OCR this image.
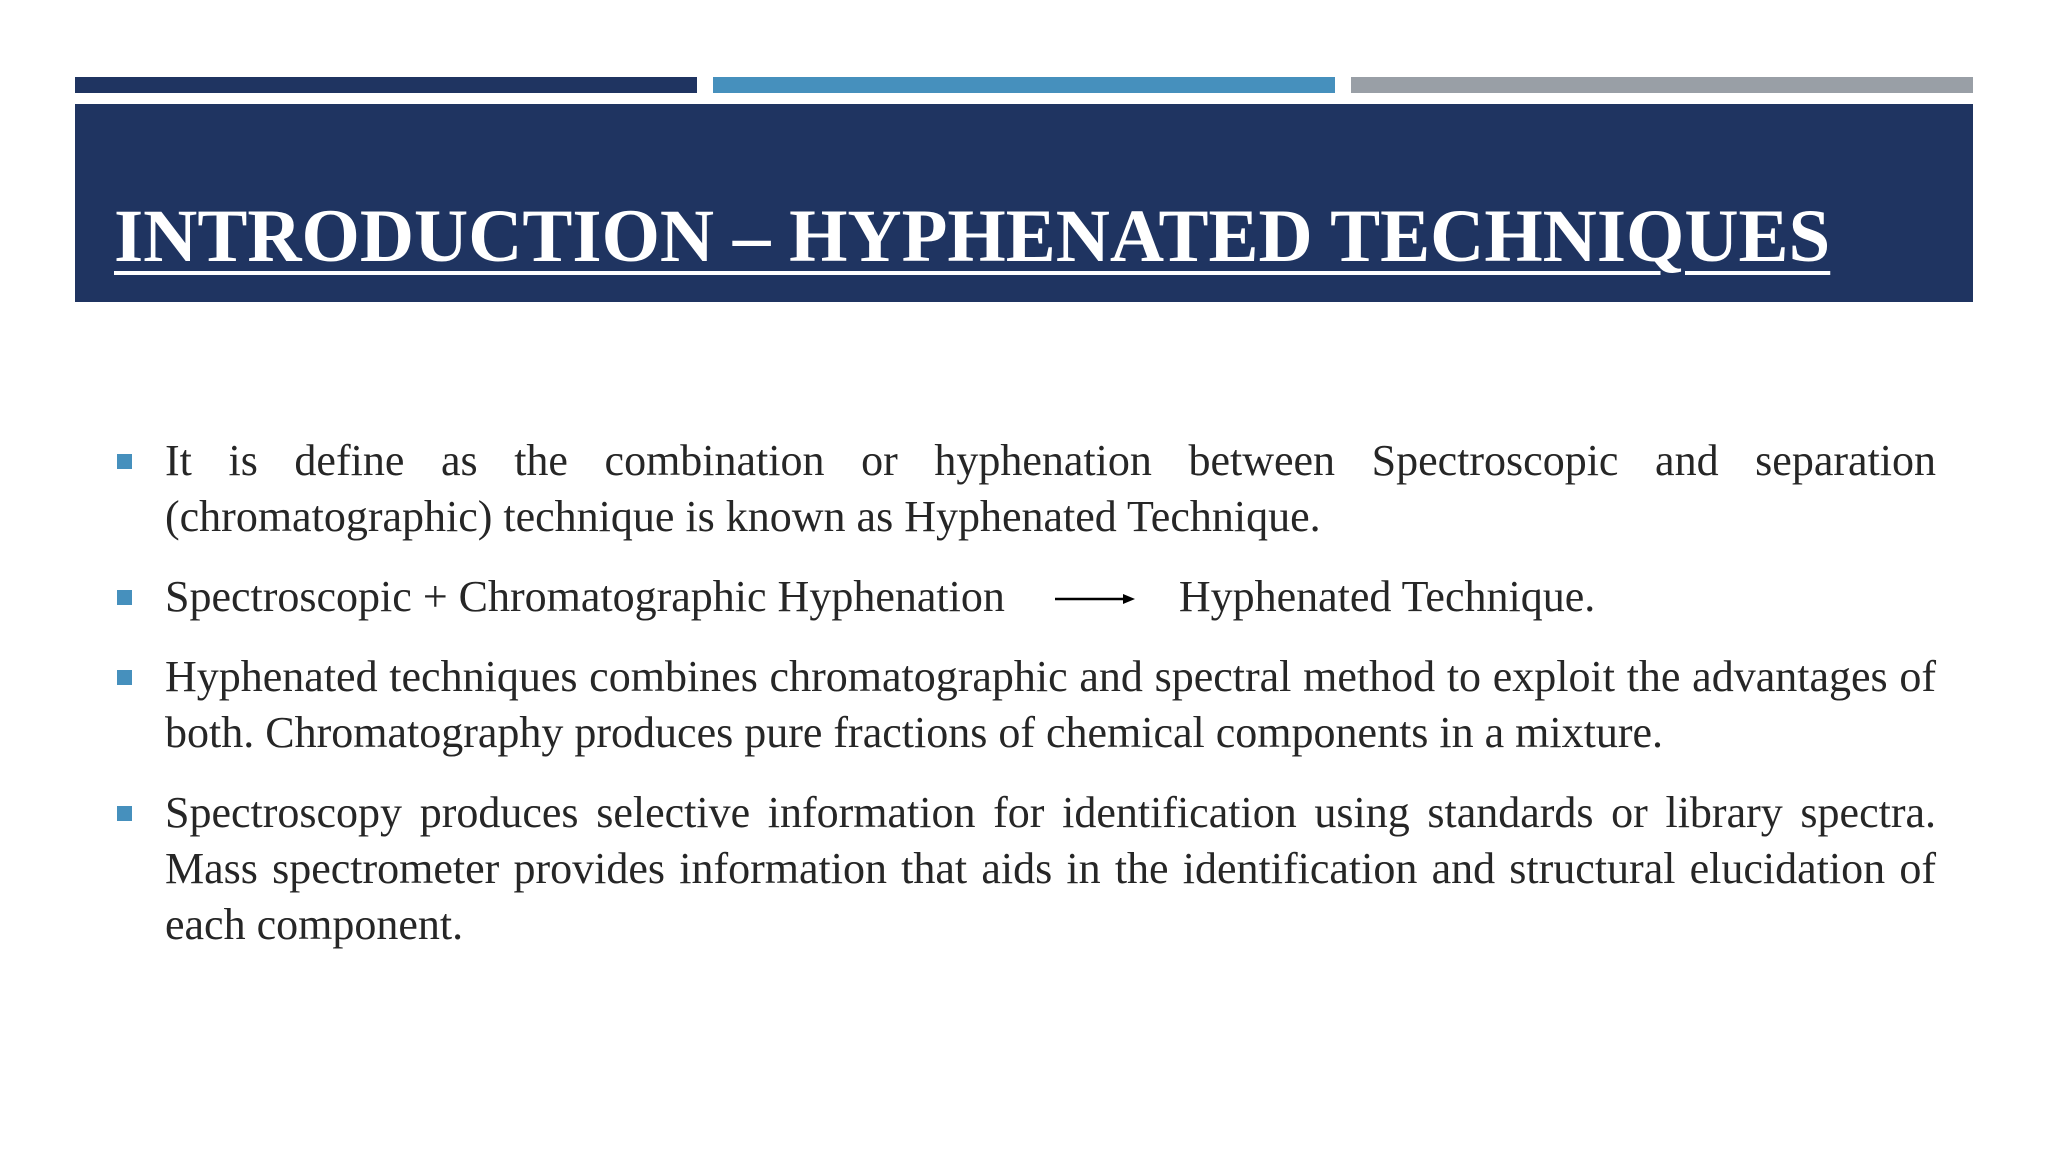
INTRODUCTION – HYPHENATED TECHNIQUES
It is define as the combination or hyphenation between Spectroscopic and separation (chromatographic) technique is known as Hyphenated Technique.
Spectroscopic + Chromatographic Hyphenation	Hyphenated Technique.
Hyphenated techniques combines chromatographic and spectral method to exploit the advantages of both. Chromatography produces pure fractions of chemical components in a mixture.
Spectroscopy produces selective information for identification using standards or library spectra. Mass spectrometer provides information that aids in the identification and structural elucidation of each component.
